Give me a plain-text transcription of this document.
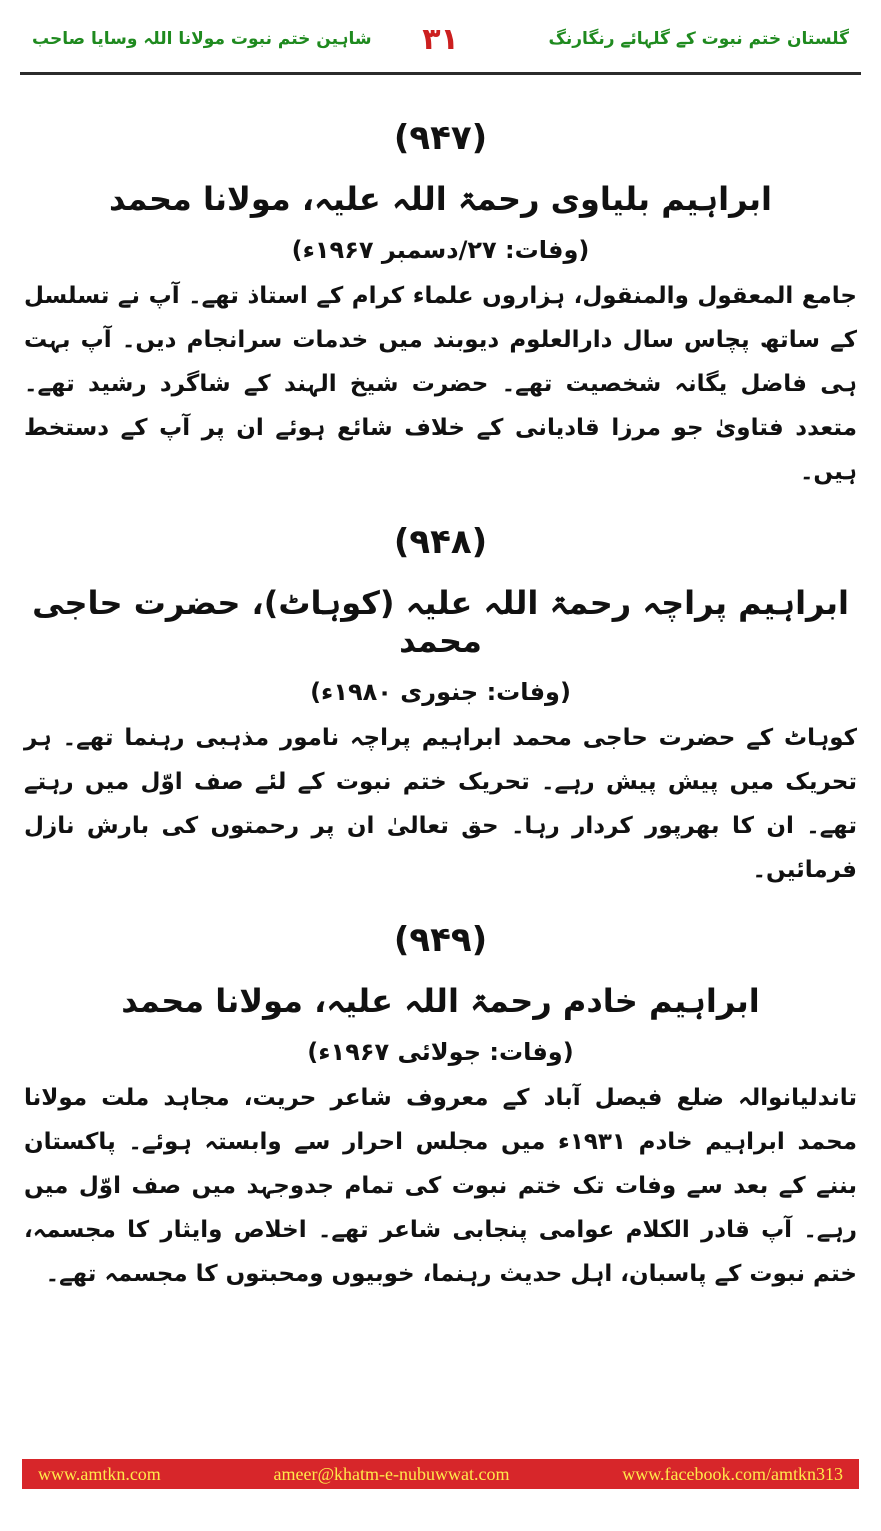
شاہین ختم نبوت مولانا اللہ وسایا صاحب ۳۱	گلستان ختم نبوت کے گلہائے رنگارنگ
(۹۴۷)
ابراہیم بلیاوی رحمۃ اللہ علیہ، مولانا محمد
(وفات: ۲۷/دسمبر ۱۹۶۷ء)
جامع المعقول والمنقول، ہزاروں علماء کرام کے استاذ تھے۔ آپ نے تسلسل کے ساتھ پچاس سال دارالعلوم دیوبند میں خدمات سرانجام دیں۔ آپ بہت ہی فاضل یگانہ شخصیت تھے۔ حضرت شیخ الہند کے شاگرد رشید تھے۔ متعدد فتاویٰ جو مرزا قادیانی کے خلاف شائع ہوئے ان پر آپ کے دستخط ہیں۔
(۹۴۸)
ابراہیم پراچہ رحمۃ اللہ علیہ (کوہاٹ)، حضرت حاجی محمد
(وفات: جنوری ۱۹۸۰ء)
کوہاٹ کے حضرت حاجی محمد ابراہیم پراچہ نامور مذہبی رہنما تھے۔ ہر تحریک میں پیش پیش رہے۔ تحریک ختم نبوت کے لئے صف اوّل میں رہتے تھے۔ ان کا بھرپور کردار رہا۔ حق تعالیٰ ان پر رحمتوں کی بارش نازل فرمائیں۔
(۹۴۹)
ابراہیم خادم رحمۃ اللہ علیہ، مولانا محمد
(وفات: جولائی ۱۹۶۷ء)
تاندلیانوالہ ضلع فیصل آباد کے معروف شاعر حریت، مجاہد ملت مولانا محمد ابراہیم خادم ۱۹۳۱ء میں مجلس احرار سے وابستہ ہوئے۔ پاکستان بننے کے بعد سے وفات تک ختم نبوت کی تمام جدوجہد میں صف اوّل میں رہے۔ آپ قادر الکلام عوامی پنجابی شاعر تھے۔ اخلاص وایثار کا مجسمہ، ختم نبوت کے پاسبان، اہل حدیث رہنما، خوبیوں ومحبتوں کا مجسمہ تھے۔
www.amtkn.com	ameer@khatm-e-nubuwwat.com	www.facebook.com/amtkn313
